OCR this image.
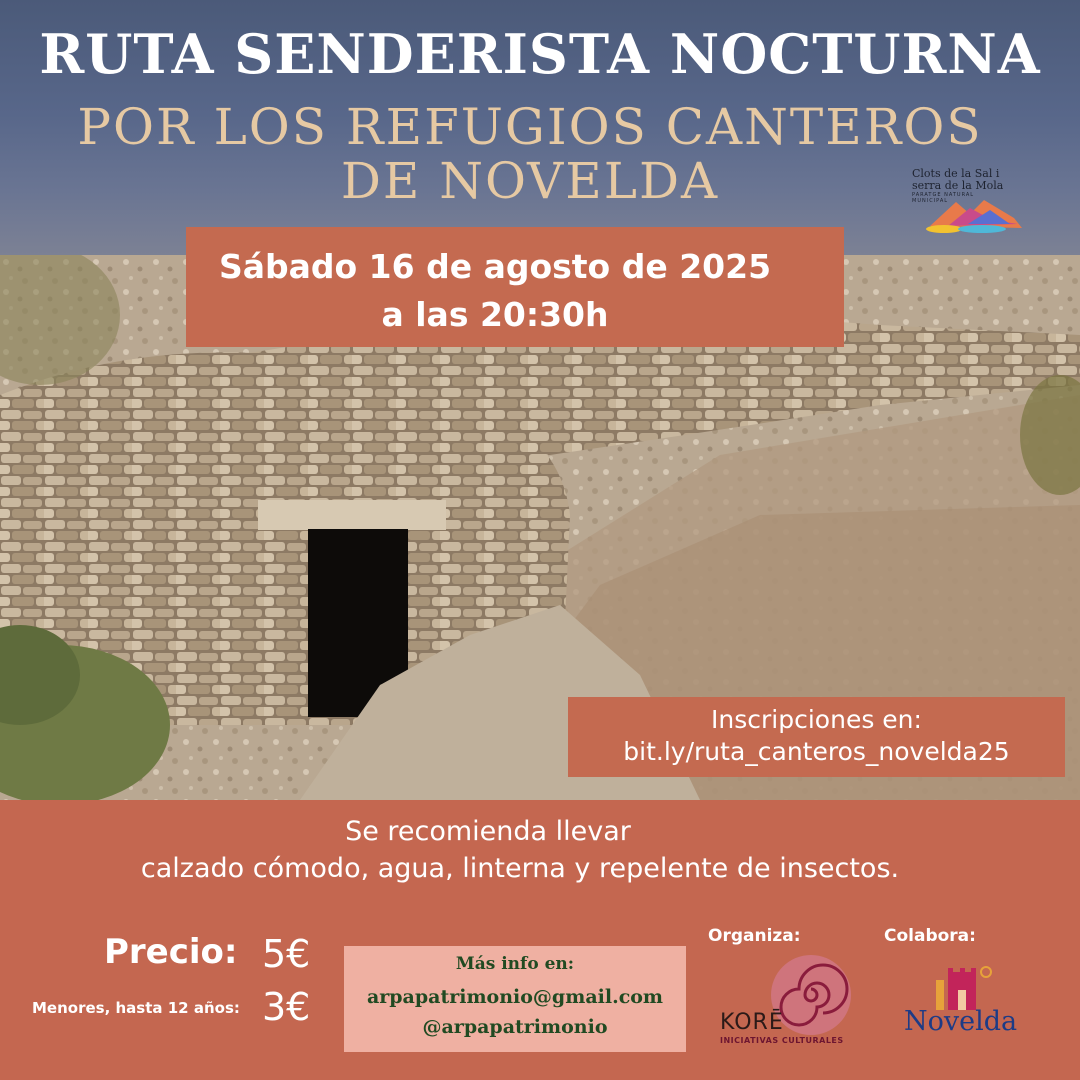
RUTA SENDERISTA NOCTURNA
POR LOS REFUGIOS CANTEROS
DE NOVELDA	Clots de la Sal i
serra de la Mola
PARATGE NATURAL
MUNICIPAL
Sábado 16 de agosto de 2025
a las 20:30h
Inscripciones en:
bit.ly/ruta_canteros_novelda25
Se recomienda llevar
calzado cómodo, agua, linterna y repelente de insectos.
Precio: 5€
Menores, hasta 12 años: 3€
Más info en:
arpapatrimonio@gmail.com
@arpapatrimonio
Organiza:	Colabora:
KORĒ
INICIATIVAS CULTURALES
Novelda
